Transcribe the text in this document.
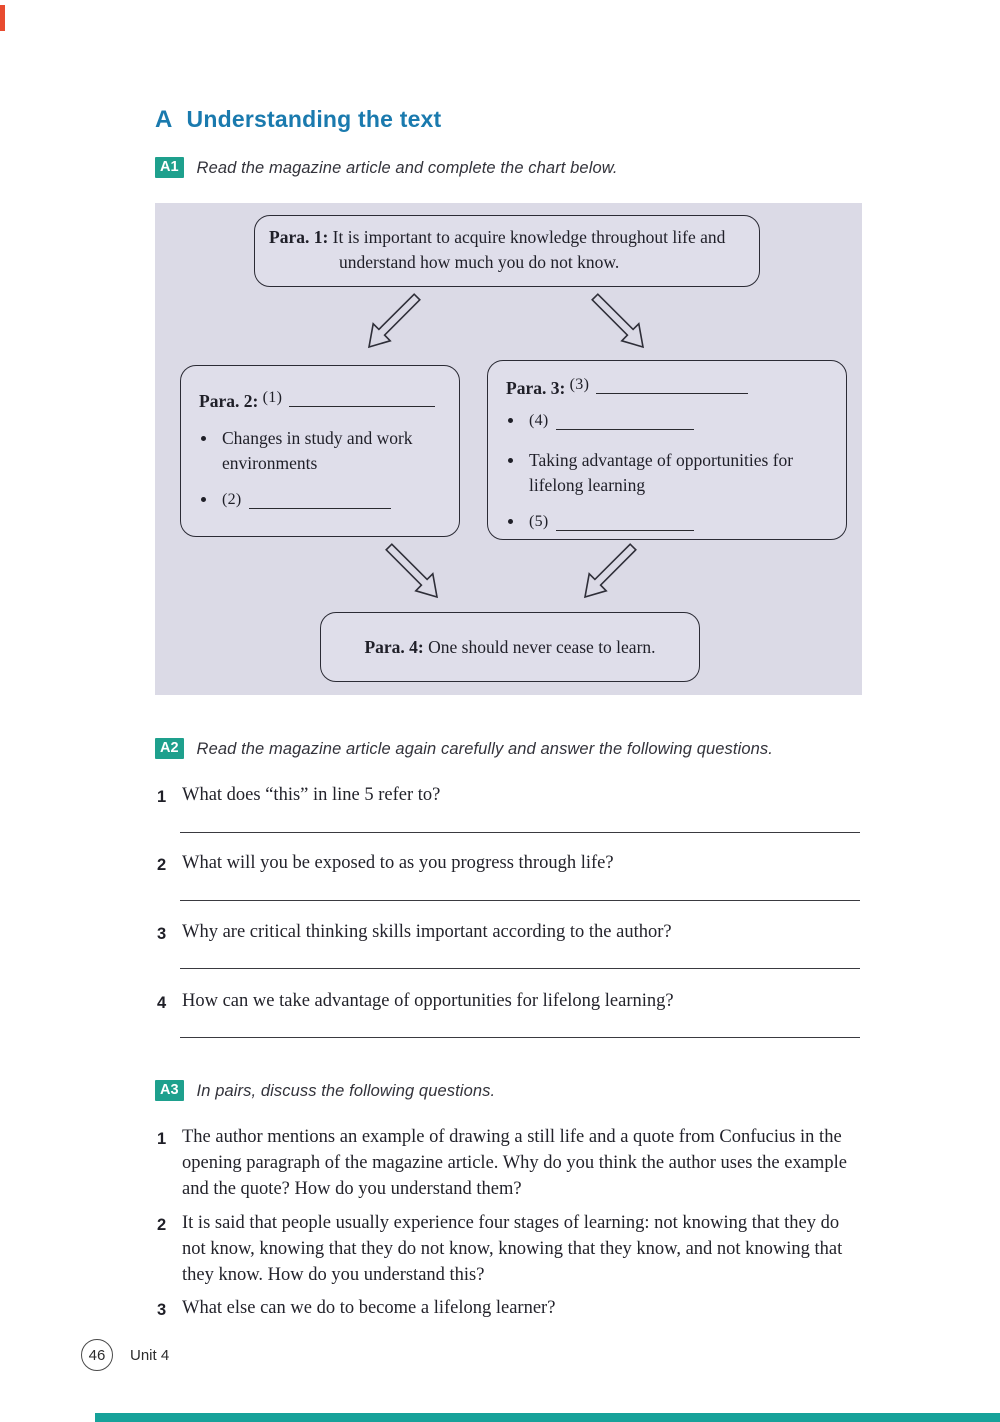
A Understanding the text
A1	Read the magazine article and complete the chart below.
Para. 1: It is important to acquire knowledge throughout life and understand how much you do not know.
Para. 2: (1)
Changes in study and work environments
(2)
Para. 3: (3)
(4)
Taking advantage of opportunities for lifelong learning
(5)
Para. 4: One should never cease to learn.
A2	Read the magazine article again carefully and answer the following questions.
1 What does “this” in line 5 refer to?
2 What will you be exposed to as you progress through life?
3 Why are critical thinking skills important according to the author?
4 How can we take advantage of opportunities for lifelong learning?
A3	In pairs, discuss the following questions.
1 The author mentions an example of drawing a still life and a quote from Confucius in the opening paragraph of the magazine article. Why do you think the author uses the example and the quote? How do you understand them?
2 It is said that people usually experience four stages of learning: not knowing that they do not know, knowing that they do not know, knowing that they know, and not knowing that they know. How do you understand this?
3 What else can we do to become a lifelong learner?
46 Unit 4
